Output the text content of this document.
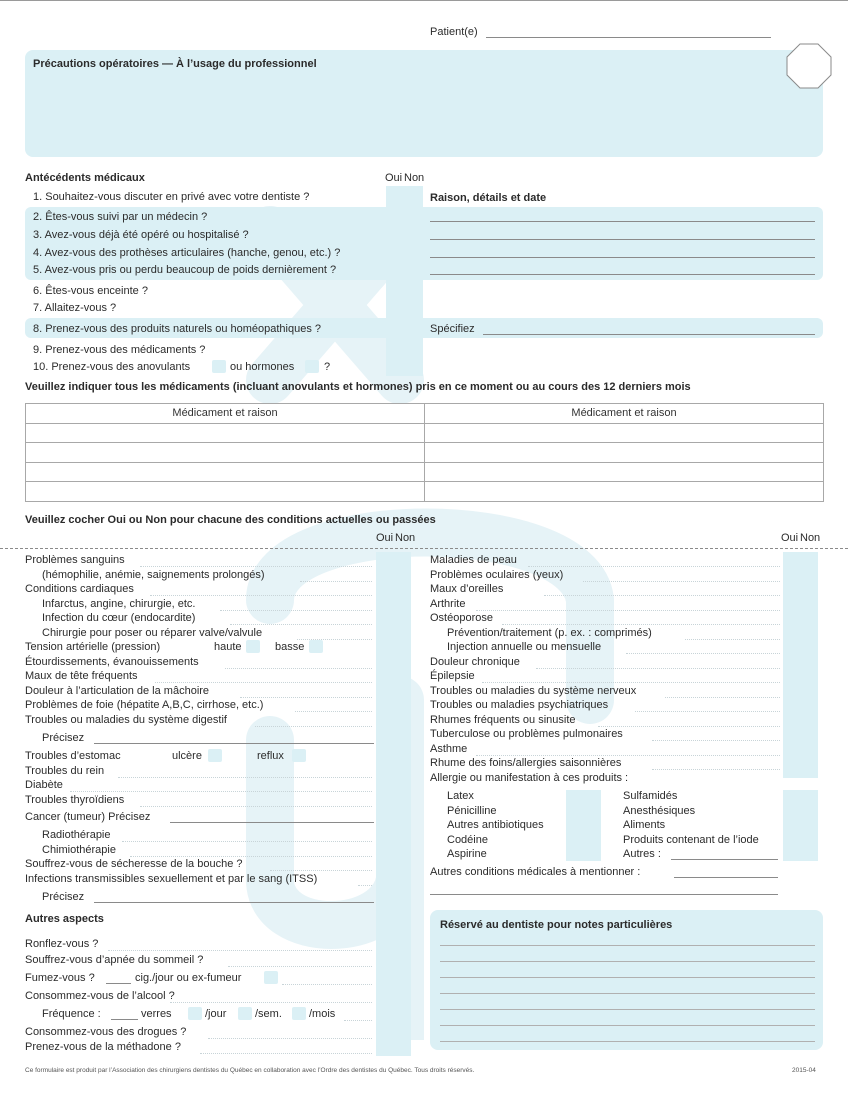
Patient(e)
Précautions opératoires — À l’usage du professionnel
Antécédents médicaux	Oui Non
Raison, détails et date
1. Souhaitez-vous discuter en privé avec votre dentiste ?
2. Êtes-vous suivi par un médecin ?
3. Avez-vous déjà été opéré ou hospitalisé ?
4. Avez-vous des prothèses articulaires (hanche, genou, etc.) ?
5. Avez-vous pris ou perdu beaucoup de poids dernièrement ?
6. Êtes-vous enceinte ?
7. Allaitez-vous ?
8. Prenez-vous des produits naturels ou homéopathiques ?
9. Prenez-vous des médicaments ?
10. Prenez-vous des anovulants	ou hormones	?
Spécifiez
Veuillez indiquer tous les médicaments (incluant anovulants et hormones) pris en ce moment ou au cours des 12 derniers mois
Médicament et raison	Médicament et raison

Veuillez cocher Oui ou Non pour chacune des conditions actuelles ou passées
Oui Non	Oui Non
Problèmes sanguins
(hémophilie, anémie, saignements prolongés)
Conditions cardiaques
Infarctus, angine, chirurgie, etc.
Infection du cœur (endocardite)
Chirurgie pour poser ou réparer valve/valvule
Tension artérielle (pression)	haute	basse
Étourdissements, évanouissements
Maux de tête fréquents
Douleur à l’articulation de la mâchoire
Problèmes de foie (hépatite A,B,C, cirrhose, etc.)
Troubles ou maladies du système digestif
Précisez
Troubles d’estomac	ulcère	reflux
Troubles du rein
Diabète
Troubles thyroïdiens
Cancer (tumeur) Précisez
Radiothérapie
Chimiothérapie
Souffrez-vous de sécheresse de la bouche ?
Infections transmissibles sexuellement et par le sang (ITSS)
Précisez
Maladies de peau
Problèmes oculaires (yeux)
Maux d’oreilles
Arthrite
Ostéoporose
Prévention/traitement (p. ex. : comprimés)
Injection annuelle ou mensuelle
Douleur chronique
Épilepsie
Troubles ou maladies du système nerveux
Troubles ou maladies psychiatriques
Rhumes fréquents ou sinusite
Tuberculose ou problèmes pulmonaires
Asthme
Rhume des foins/allergies saisonnières
Allergie ou manifestation à ces produits :
Latex
Pénicilline
Autres antibiotiques
Codéine
Aspirine
Sulfamidés
Anesthésiques
Aliments
Produits contenant de l’iode
Autres :
Autres conditions médicales à mentionner :
Autres aspects
Ronflez-vous ?
Souffrez-vous d’apnée du sommeil ?
Fumez-vous ?	cig./jour ou ex-fumeur
Consommez-vous de l’alcool ?
Fréquence :	verres	/jour	/sem. /mois
Consommez-vous des drogues ?
Prenez-vous de la méthadone ?
Réservé au dentiste pour notes particulières
Ce formulaire est produit par l’Association des chirurgiens dentistes du Québec en collaboration avec l’Ordre des dentistes du Québec. Tous droits réservés.	2015-04
